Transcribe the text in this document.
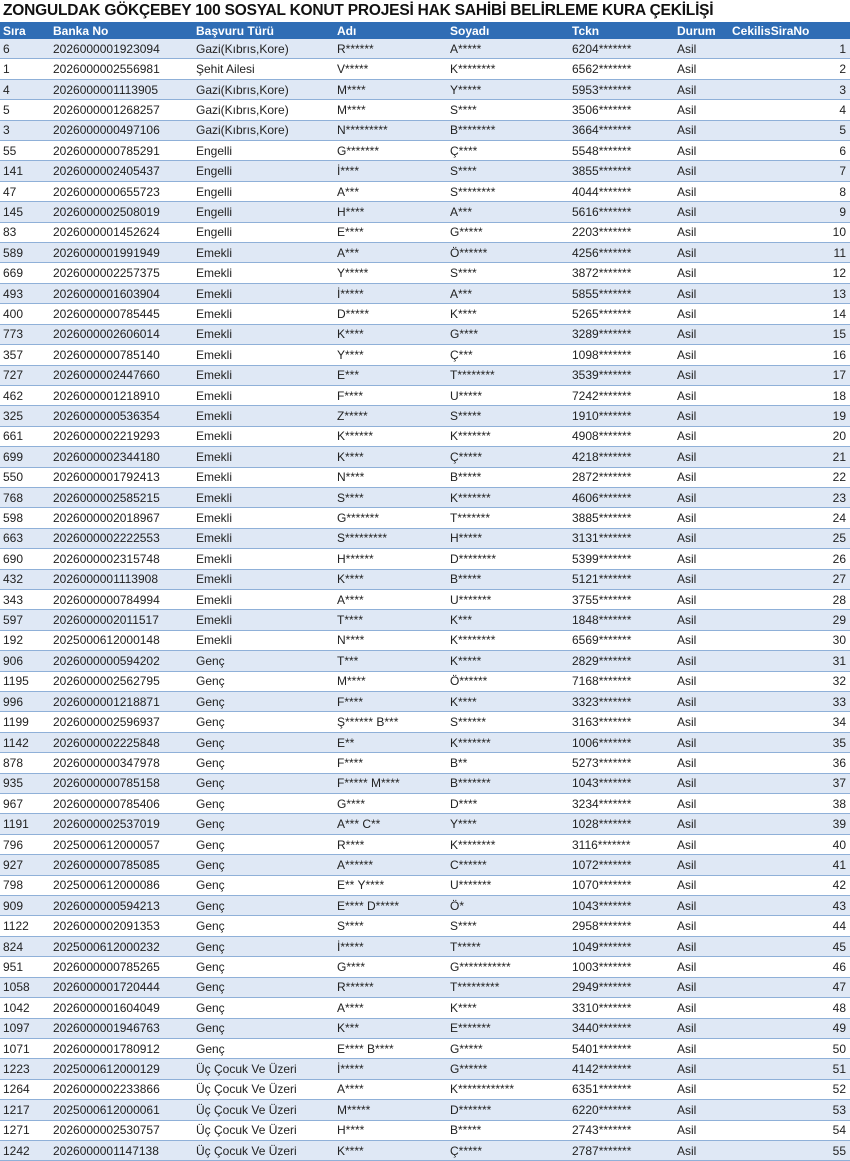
ZONGULDAK GÖKÇEBEY 100 SOSYAL KONUT PROJESİ HAK SAHİBİ BELİRLEME KURA ÇEKİLİŞİ
Sıra	Banka No	Başvuru Türü	Adı	Soyadı	Tckn	Durum	CekilisSiraNo
6	2026000001923094	Gazi(Kıbrıs,Kore)	R******	A*****	6204*******	Asil	1
1	2026000002556981	Şehit Ailesi	V*****	K********	6562*******	Asil	2
4	2026000001113905	Gazi(Kıbrıs,Kore)	M****	Y*****	5953*******	Asil	3
5	2026000001268257	Gazi(Kıbrıs,Kore)	M****	S****	3506*******	Asil	4
3	2026000000497106	Gazi(Kıbrıs,Kore)	N*********	B********	3664*******	Asil	5
55	2026000000785291	Engelli	G*******	Ç****	5548*******	Asil	6
141	2026000002405437	Engelli	İ****	S****	3855*******	Asil	7
47	2026000000655723	Engelli	A***	S********	4044*******	Asil	8
145	2026000002508019	Engelli	H****	A***	5616*******	Asil	9
83	2026000001452624	Engelli	E****	G*****	2203*******	Asil	10
589	2026000001991949	Emekli	A***	Ö******	4256*******	Asil	11
669	2026000002257375	Emekli	Y*****	S****	3872*******	Asil	12
493	2026000001603904	Emekli	İ*****	A***	5855*******	Asil	13
400	2026000000785445	Emekli	D*****	K****	5265*******	Asil	14
773	2026000002606014	Emekli	K****	G****	3289*******	Asil	15
357	2026000000785140	Emekli	Y****	Ç***	1098*******	Asil	16
727	2026000002447660	Emekli	E***	T********	3539*******	Asil	17
462	2026000001218910	Emekli	F****	U*****	7242*******	Asil	18
325	2026000000536354	Emekli	Z*****	S*****	1910*******	Asil	19
661	2026000002219293	Emekli	K******	K*******	4908*******	Asil	20
699	2026000002344180	Emekli	K****	Ç*****	4218*******	Asil	21
550	2026000001792413	Emekli	N****	B*****	2872*******	Asil	22
768	2026000002585215	Emekli	S****	K*******	4606*******	Asil	23
598	2026000002018967	Emekli	G*******	T*******	3885*******	Asil	24
663	2026000002222553	Emekli	S*********	H*****	3131*******	Asil	25
690	2026000002315748	Emekli	H******	D********	5399*******	Asil	26
432	2026000001113908	Emekli	K****	B*****	5121*******	Asil	27
343	2026000000784994	Emekli	A****	U*******	3755*******	Asil	28
597	2026000002011517	Emekli	T****	K***	1848*******	Asil	29
192	2025000612000148	Emekli	N****	K********	6569*******	Asil	30
906	2026000000594202	Genç	T***	K*****	2829*******	Asil	31
1195	2026000002562795	Genç	M****	Ö******	7168*******	Asil	32
996	2026000001218871	Genç	F****	K****	3323*******	Asil	33
1199	2026000002596937	Genç	Ş****** B***	S******	3163*******	Asil	34
1142	2026000002225848	Genç	E**	K*******	1006*******	Asil	35
878	2026000000347978	Genç	F****	B**	5273*******	Asil	36
935	2026000000785158	Genç	F***** M****	B*******	1043*******	Asil	37
967	2026000000785406	Genç	G****	D****	3234*******	Asil	38
1191	2026000002537019	Genç	A*** C**	Y****	1028*******	Asil	39
796	2025000612000057	Genç	R****	K********	3116*******	Asil	40
927	2026000000785085	Genç	A******	C******	1072*******	Asil	41
798	2025000612000086	Genç	E** Y****	U*******	1070*******	Asil	42
909	2026000000594213	Genç	E**** D*****	Ö*	1043*******	Asil	43
1122	2026000002091353	Genç	S****	S****	2958*******	Asil	44
824	2025000612000232	Genç	İ*****	T*****	1049*******	Asil	45
951	2026000000785265	Genç	G****	G***********	1003*******	Asil	46
1058	2026000001720444	Genç	R******	T*********	2949*******	Asil	47
1042	2026000001604049	Genç	A****	K****	3310*******	Asil	48
1097	2026000001946763	Genç	K***	E*******	3440*******	Asil	49
1071	2026000001780912	Genç	E**** B****	G*****	5401*******	Asil	50
1223	2025000612000129	Üç Çocuk Ve Üzeri	İ*****	G******	4142*******	Asil	51
1264	2026000002233866	Üç Çocuk Ve Üzeri	A****	K************	6351*******	Asil	52
1217	2025000612000061	Üç Çocuk Ve Üzeri	M*****	D*******	6220*******	Asil	53
1271	2026000002530757	Üç Çocuk Ve Üzeri	H****	B*****	2743*******	Asil	54
1242	2026000001147138	Üç Çocuk Ve Üzeri	K****	Ç*****	2787*******	Asil	55
